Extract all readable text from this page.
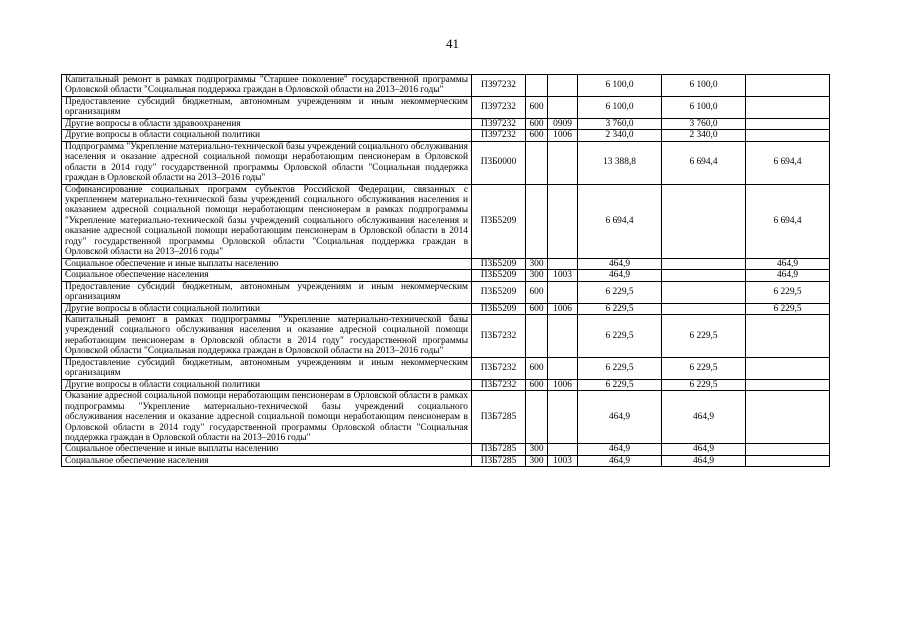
41
Капитальный ремонт в рамках подпрограммы "Старшее поколение" государственной программы Орловской области "Социальная поддержка граждан в Орловской области на 2013–2016 годы"	П397232			6 100,0	6 100,0	
Предоставление субсидий бюджетным, автономным учреждениям и иным некоммерческим организациям	П397232	600		6 100,0	6 100,0	
Другие вопросы в области здравоохранения	П397232	600	0909	3 760,0	3 760,0	
Другие вопросы в области социальной политики	П397232	600	1006	2 340,0	2 340,0	
Подпрограмма "Укрепление материально-технической базы учреждений социального обслуживания населения и оказание адресной социальной помощи неработающим пенсионерам в Орловской области в 2014 году" государственной программы Орловской области "Социальная поддержка граждан в Орловской области на 2013–2016 годы"	П3Б0000			13 388,8	6 694,4	6 694,4
Софинансирование социальных программ субъектов Российской Федерации, связанных с укреплением материально-технической базы учреждений социального обслуживания населения и оказанием адресной социальной помощи неработающим пенсионерам в рамках подпрограммы "Укрепление материально-технической базы учреждений социального обслуживания населения и оказание адресной социальной помощи неработающим пенсионерам в Орловской области в 2014 году" государственной программы Орловской области "Социальная поддержка граждан в Орловской области на 2013–2016 годы"	П3Б5209			6 694,4		6 694,4
Социальное обеспечение и иные выплаты населению	П3Б5209	300		464,9		464,9
Социальное обеспечение населения	П3Б5209	300	1003	464,9		464,9
Предоставление субсидий бюджетным, автономным учреждениям и иным некоммерческим организациям	П3Б5209	600		6 229,5		6 229,5
Другие вопросы в области социальной политики	П3Б5209	600	1006	6 229,5		6 229,5
Капитальный ремонт в рамках подпрограммы "Укрепление материально-технической базы учреждений социального обслуживания населения и оказание адресной социальной помощи неработающим пенсионерам в Орловской области в 2014 году" государственной программы Орловской области "Социальная поддержка граждан в Орловской области на 2013–2016 годы"	П3Б7232			6 229,5	6 229,5	
Предоставление субсидий бюджетным, автономным учреждениям и иным некоммерческим организациям	П3Б7232	600		6 229,5	6 229,5	
Другие вопросы в области социальной политики	П3Б7232	600	1006	6 229,5	6 229,5	
Оказание адресной социальной помощи неработающим пенсионерам в Орловской области в рамках подпрограммы "Укрепление материально-технической базы учреждений социального обслуживания населения и оказание адресной социальной помощи неработающим пенсионерам в Орловской области в 2014 году" государственной программы Орловской области "Социальная поддержка граждан в Орловской области на 2013–2016 годы"	П3Б7285			464,9	464,9	
Социальное обеспечение и иные выплаты населению	П3Б7285	300		464,9	464,9	
Социальное обеспечение населения	П3Б7285	300	1003	464,9	464,9	
